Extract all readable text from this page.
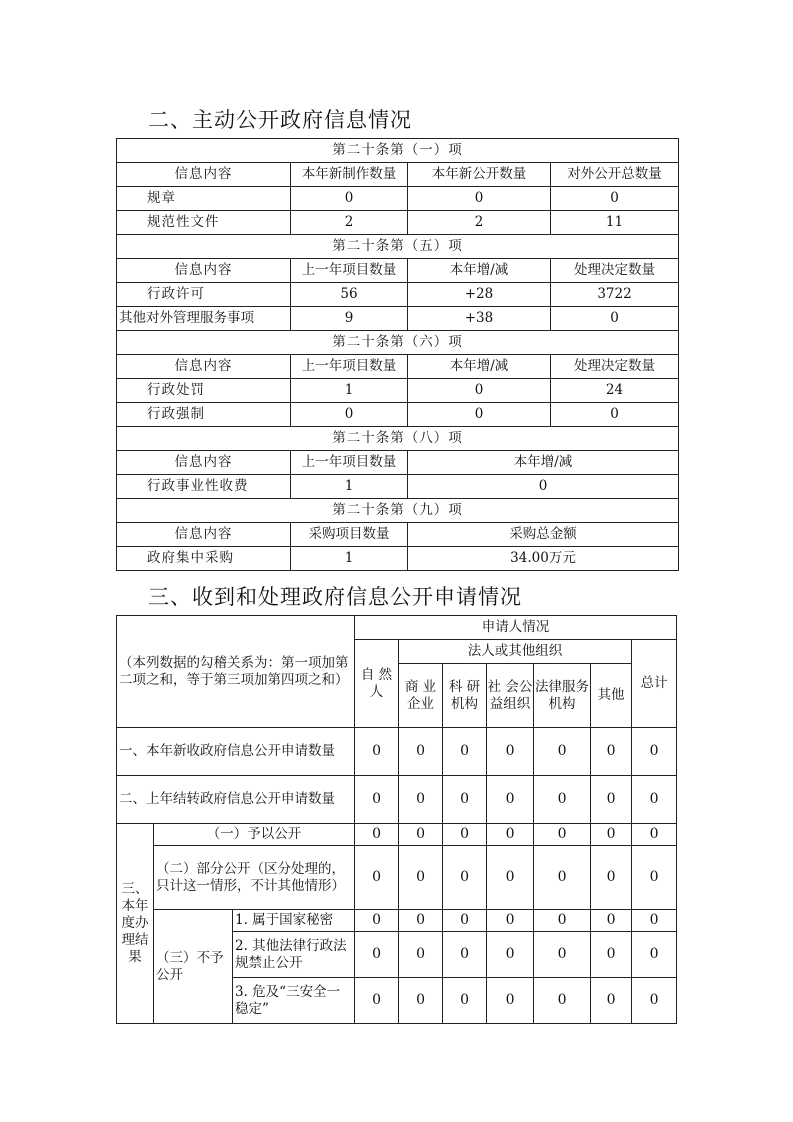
二、主动公开政府信息情况
第二十条第（一）项			
信息内容	本年新制作数量	本年新公开数量	对外公开总数量
规章	0	0	0
规范性文件	2	2	11
第二十条第（五）项			
信息内容	上一年项目数量	本年增/减	处理决定数量
行政许可	56	+28	3722
其他对外管理服务事项	9	+38	0
第二十条第（六）项			
信息内容	上一年项目数量	本年增/减	处理决定数量
行政处罚	1	0	24
行政强制	0	0	0
第二十条第（八）项			
信息内容	上一年项目数量	本年增/减	
行政事业性收费	1	0	
第二十条第（九）项			
信息内容	采购项目数量	采购总金额	
政府集中采购	1	34.00万元	
三、收到和处理政府信息公开申请情况
（本列数据的勾稽关系为：第一项加第二项之和，等于第三项加第四项之和）			申请人情况						
			自 然 人	法人或其他组织					总计
				商 业企业	科 研机构	社 会公 益组织	法律服务机构	其他	
一、本年新收政府信息公开申请数量			0	0	0	0	0	0	0
二、上年结转政府信息公开申请数量			0	0	0	0	0	0	0
三、本年度办理结果	（一）予以公开		0	0	0	0	0	0	0
	（二）部分公开（区分处理的，只计这一情形，不计其他情形）		0	0	0	0	0	0	0
	（三）不予公开	1. 属于国家秘密	0	0	0	0	0	0	0
		2. 其他法律行政法规禁止公开	0	0	0	0	0	0	0
		3. 危及“三安全一稳定”	0	0	0	0	0	0	0
